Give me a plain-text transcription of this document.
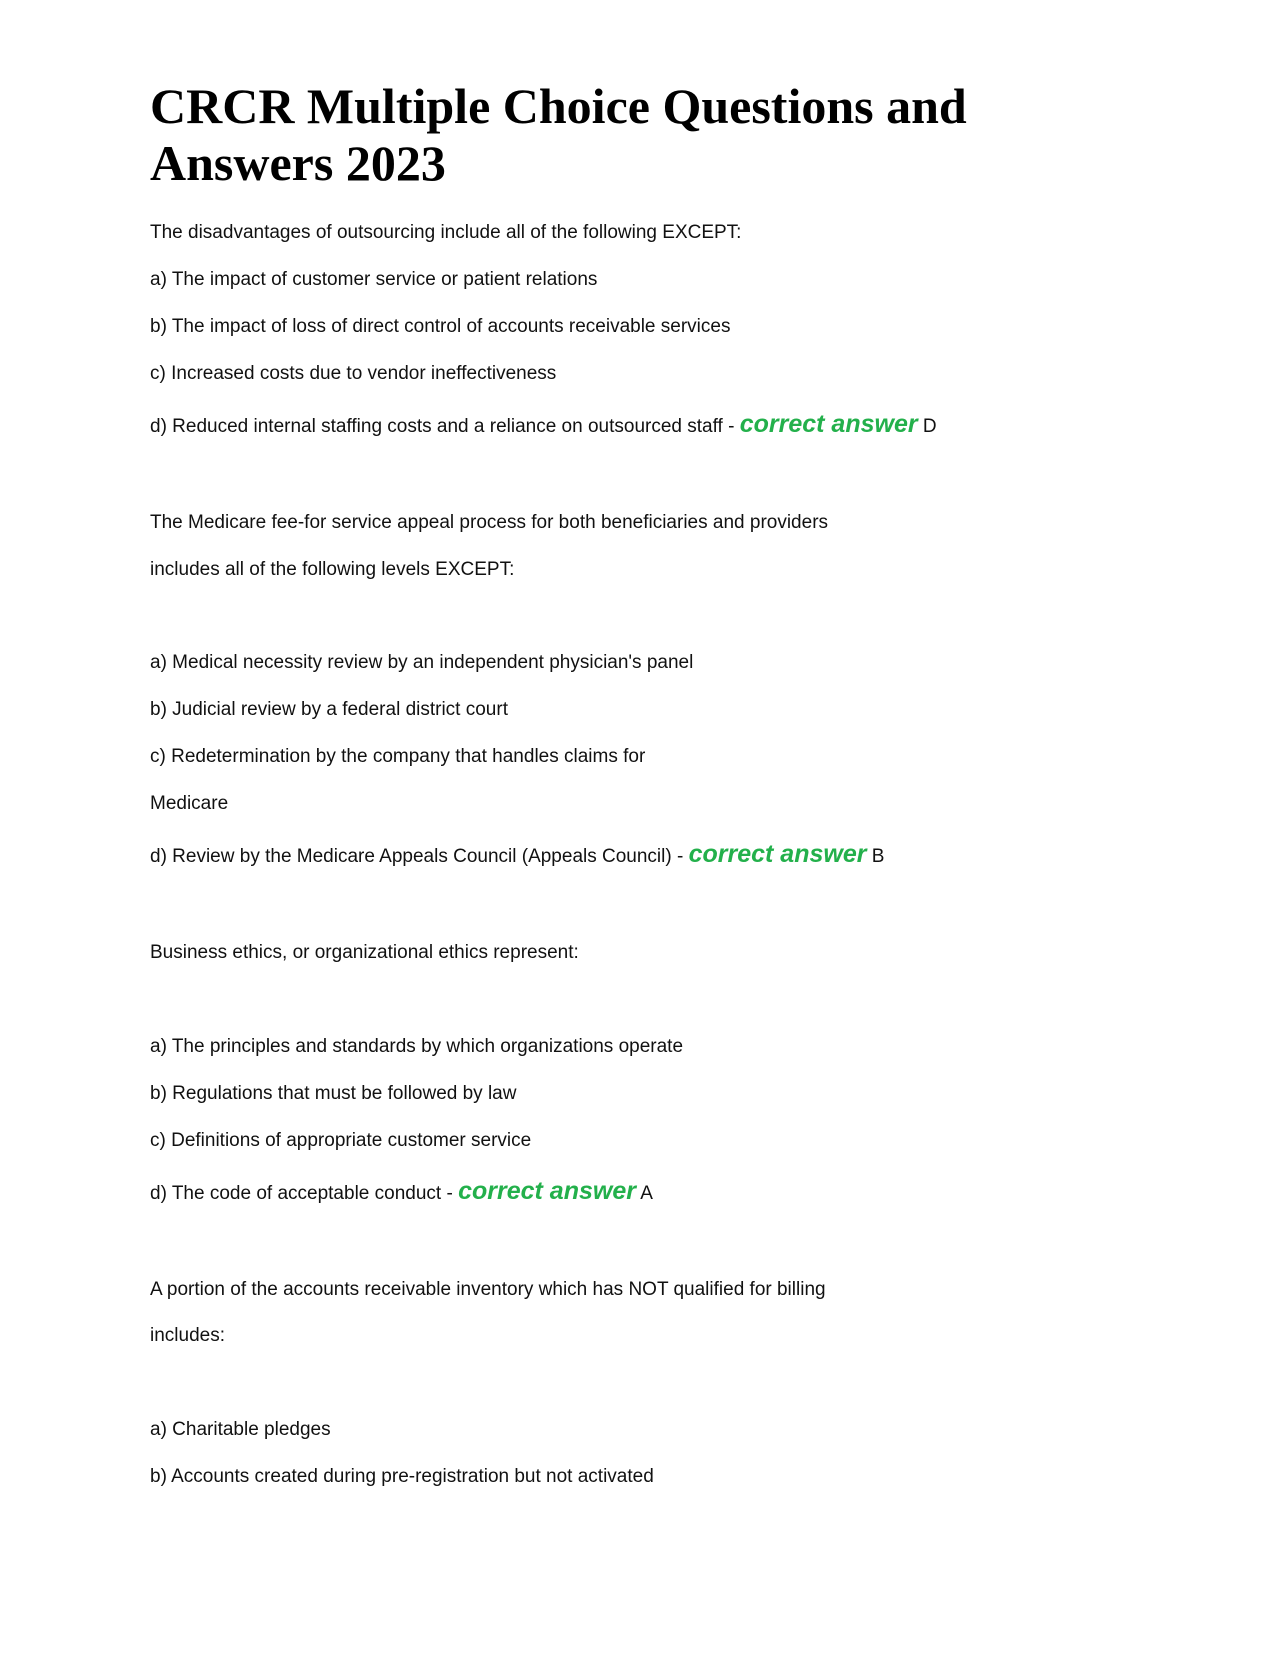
CRCR Multiple Choice Questions and
Answers 2023
The disadvantages of outsourcing include all of the following EXCEPT:
a) The impact of customer service or patient relations
b) The impact of loss of direct control of accounts receivable services
c) Increased costs due to vendor ineffectiveness
d) Reduced internal staffing costs and a reliance on outsourced staff - correct answer D
The Medicare fee-for service appeal process for both beneficiaries and providers
includes all of the following levels EXCEPT:
a) Medical necessity review by an independent physician's panel
b) Judicial review by a federal district court
c) Redetermination by the company that handles claims for
Medicare
d) Review by the Medicare Appeals Council (Appeals Council) - correct answer B
Business ethics, or organizational ethics represent:
a) The principles and standards by which organizations operate
b) Regulations that must be followed by law
c) Definitions of appropriate customer service
d) The code of acceptable conduct - correct answer A
A portion of the accounts receivable inventory which has NOT qualified for billing
includes:
a) Charitable pledges
b) Accounts created during pre-registration but not activated
